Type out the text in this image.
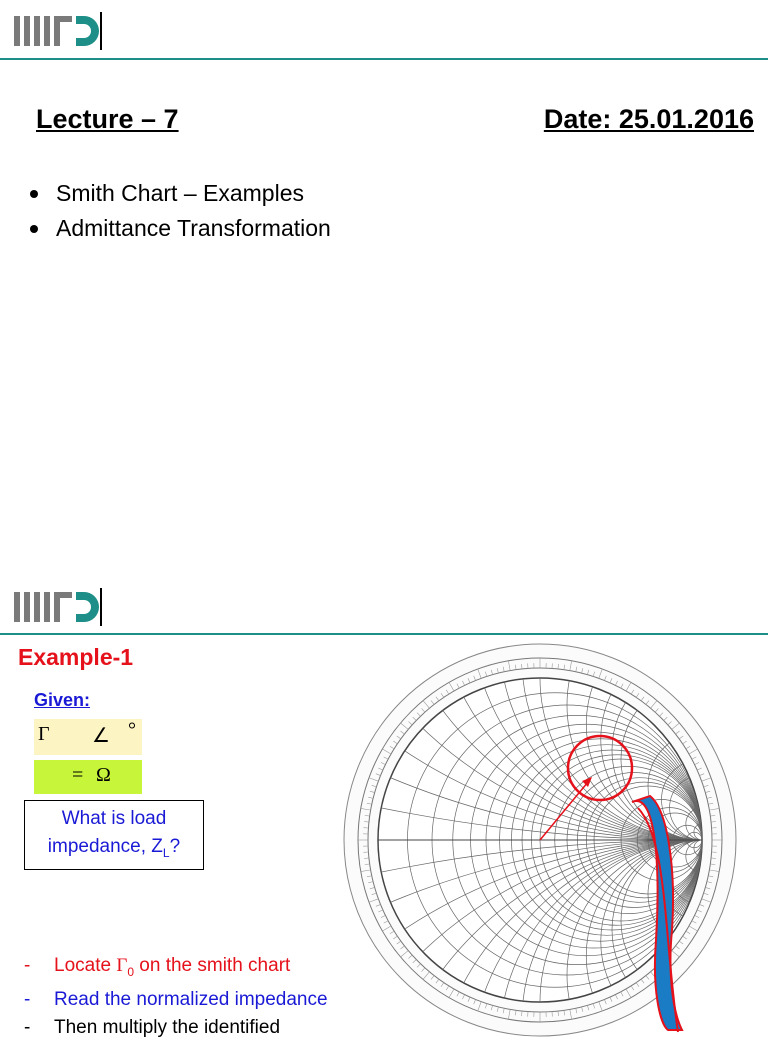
Lecture – 7	Date: 25.01.2016
Smith Chart – Examples
Admittance Transformation
Example-1
Given:
Γ ∠ °
= Ω
What is load
impedance, $Z_L$?
- Locate $\Gamma_0$ on the smith chart
- Read the normalized impedance
- Then multiply the identified
